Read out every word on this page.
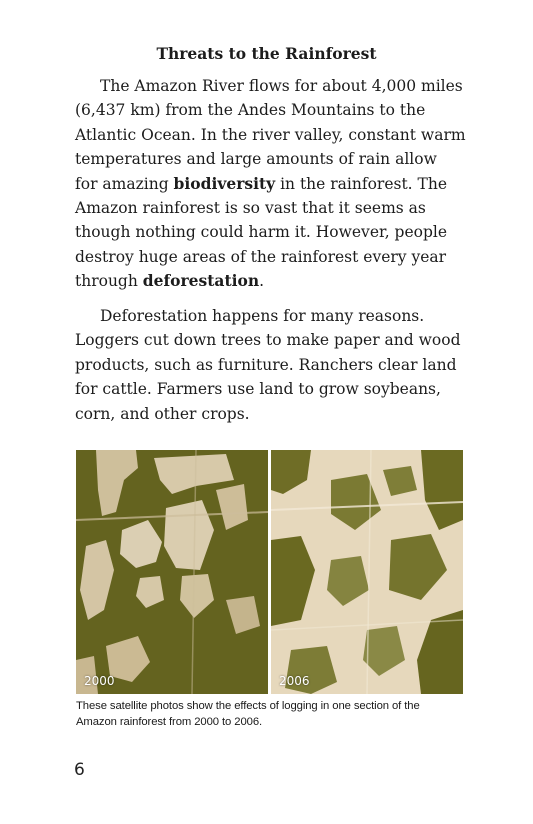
Threats to the Rainforest

The Amazon River flows for about 4,000 miles
(6,437 km) from the Andes Mountains to the
Atlantic Ocean. In the river valley, constant warm
temperatures and large amounts of rain allow
for amazing biodiversity in the rainforest. The
Amazon rainforest is so vast that it seems as
though nothing could harm it. However, people
destroy huge areas of the rainforest every year
through deforestation.

Deforestation happens for many reasons.
Loggers cut down trees to make paper and wood
products, such as furniture. Ranchers clear land
for cattle. Farmers use land to grow soybeans,
corn, and other crops.

2000	2006

These satellite photos show the effects of logging in one section of the
Amazon rainforest from 2000 to 2006.

6
